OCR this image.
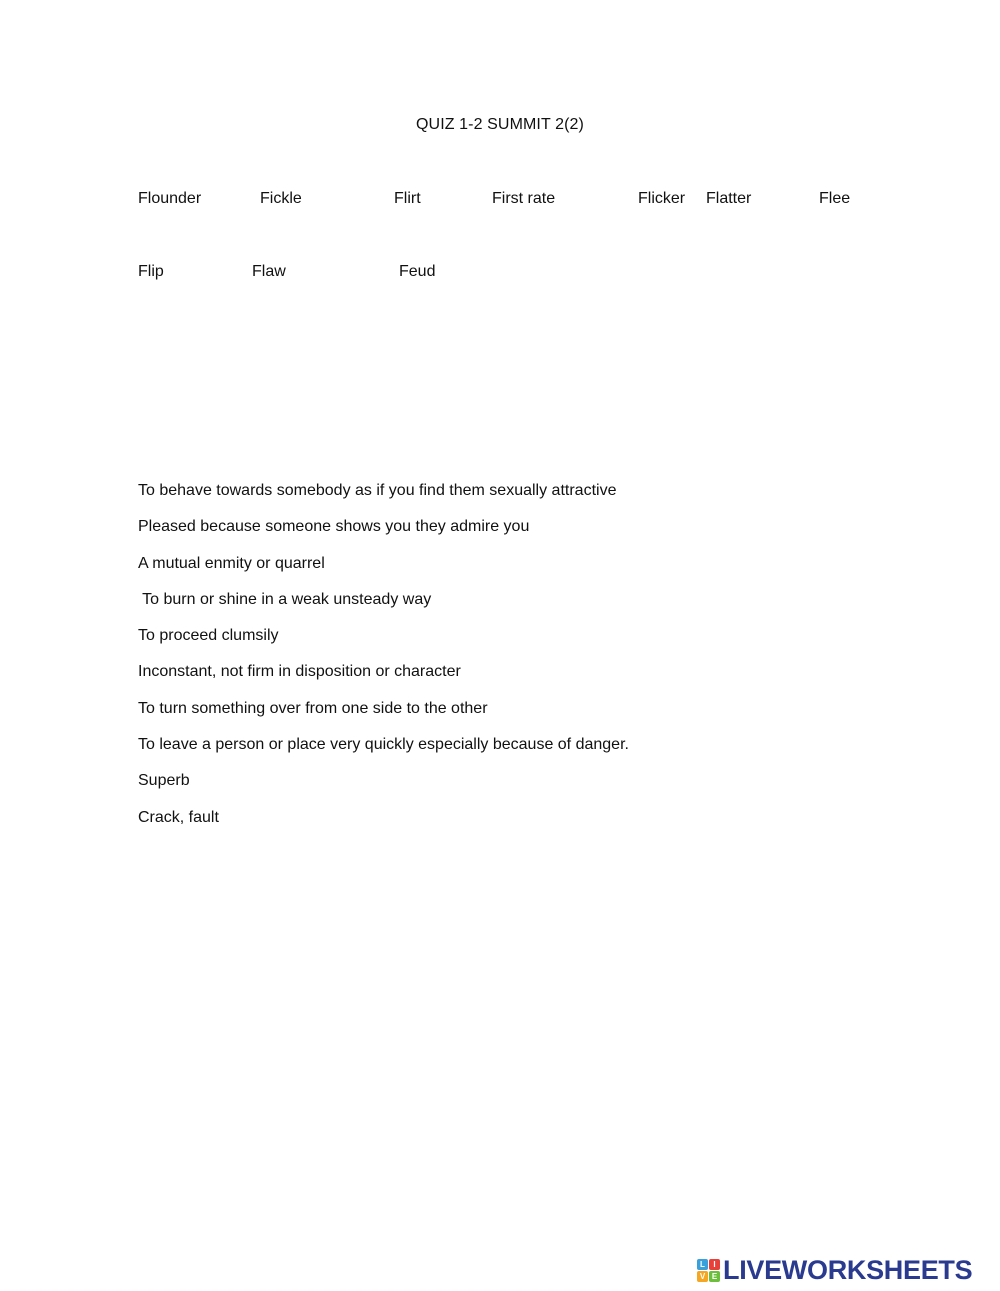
QUIZ 1-2 SUMMIT 2(2)
Flounder	Fickle	Flirt	First rate	Flicker Flatter	Flee
Flip	Flaw	Feud
To behave towards somebody as if you find them sexually attractive
Pleased because someone shows you they admire you
A mutual enmity or quarrel
To burn or shine in a weak unsteady way
To proceed clumsily
Inconstant, not firm in disposition or character
To turn something over from one side to the other
To leave a person or place very quickly especially because of danger.
Superb
Crack, fault
L	I
V E LIVEWORKSHEETS
